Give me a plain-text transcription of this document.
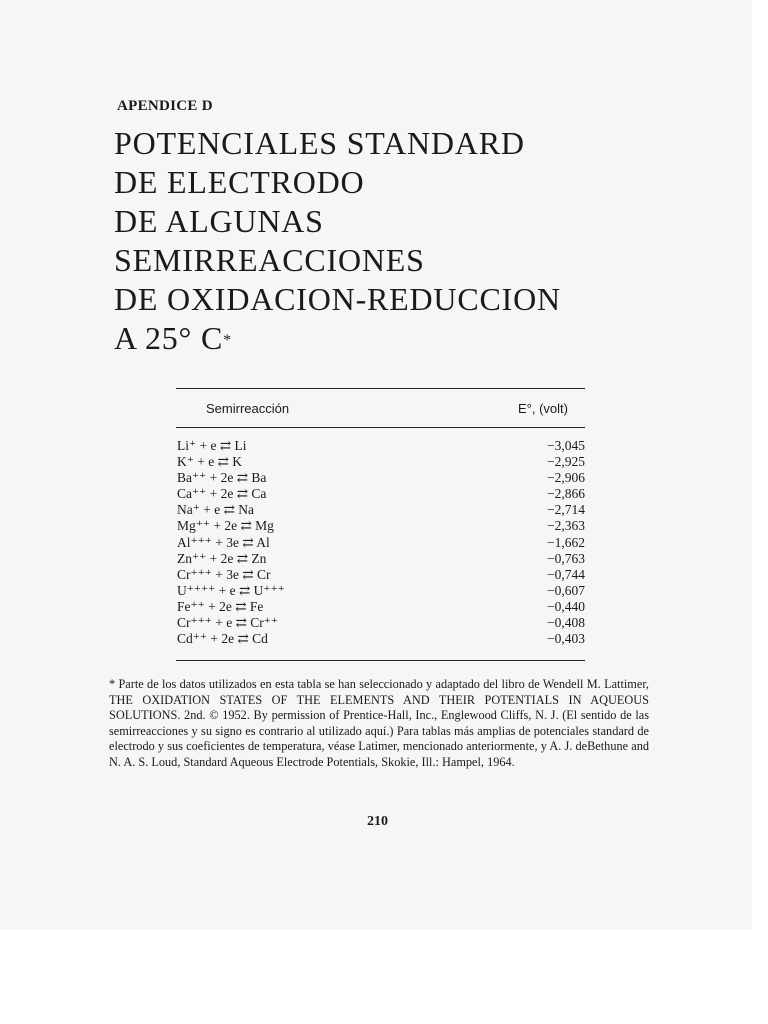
APENDICE D
POTENCIALES STANDARD
DE ELECTRODO
DE ALGUNAS
SEMIRREACCIONES
DE OXIDACION-REDUCCION
A 25° C*
Semirreacción	E°, (volt)
Li⁺ + e ⇄ Li	−3,045
K⁺ + e ⇄ K	−2,925
Ba⁺⁺ + 2e ⇄ Ba	−2,906
Ca⁺⁺ + 2e ⇄ Ca	−2,866
Na⁺ + e ⇄ Na	−2,714
Mg⁺⁺ + 2e ⇄ Mg	−2,363
Al⁺⁺⁺ + 3e ⇄ Al	−1,662
Zn⁺⁺ + 2e ⇄ Zn	−0,763
Cr⁺⁺⁺ + 3e ⇄ Cr	−0,744
U⁺⁺⁺⁺ + e ⇄ U⁺⁺⁺	−0,607
Fe⁺⁺ + 2e ⇄ Fe	−0,440
Cr⁺⁺⁺ + e ⇄ Cr⁺⁺	−0,408
Cd⁺⁺ + 2e ⇄ Cd	−0,403

* Parte de los datos utilizados en esta tabla se han seleccionado y adaptado del libro de Wendell M. Lattimer, THE OXIDATION STATES OF THE ELEMENTS AND THEIR POTENTIALS IN AQUEOUS SOLUTIONS. 2nd. © 1952. By permission of Prentice-Hall, Inc., Englewood Cliffs, N. J. (El sentido de las semirreacciones y su signo es contrario al utilizado aquí.) Para tablas más amplias de potenciales standard de electrodo y sus coeficientes de temperatura, véase Latimer, mencionado anteriormente, y A. J. deBethune and N. A. S. Loud, Standard Aqueous Electrode Potentials, Skokie, Ill.: Hampel, 1964.

210
